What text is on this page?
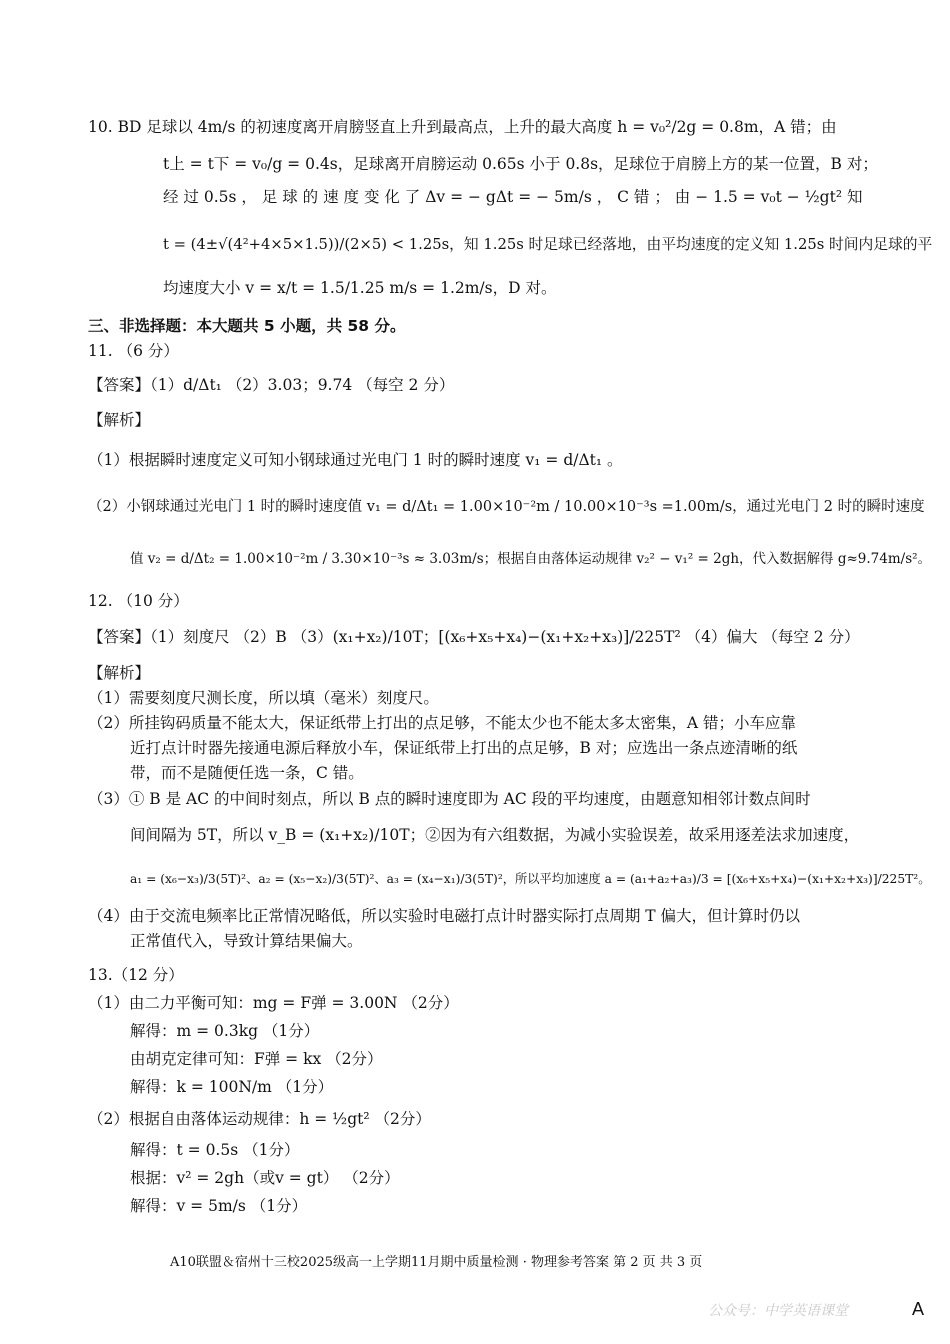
10. BD 足球以 4m/s 的初速度离开肩膀竖直上升到最高点，上升的最大高度 h = v₀²/2g = 0.8m，A 错；由
t上 = t下 = v₀/g = 0.4s，足球离开肩膀运动 0.65s 小于 0.8s，足球位于肩膀上方的某一位置，B 对；
经 过 0.5s ， 足 球 的 速 度 变 化 了 Δv = − gΔt = − 5m/s ， C 错 ； 由 − 1.5 = v₀t − ½gt² 知
t = (4±√(4²+4×5×1.5))/(2×5) < 1.25s，知 1.25s 时足球已经落地，由平均速度的定义知 1.25s 时间内足球的平
均速度大小 v = x/t = 1.5/1.25 m/s = 1.2m/s，D 对。
三、非选择题：本大题共 5 小题，共 58 分。
11. （6 分）
【答案】（1）d/Δt₁ （2）3.03；9.74 （每空 2 分）
【解析】
（1）根据瞬时速度定义可知小钢球通过光电门 1 时的瞬时速度 v₁ = d/Δt₁ 。
（2）小钢球通过光电门 1 时的瞬时速度值 v₁ = d/Δt₁ = 1.00×10⁻²m / 10.00×10⁻³s =1.00m/s，通过光电门 2 时的瞬时速度
值 v₂ = d/Δt₂ = 1.00×10⁻²m / 3.30×10⁻³s ≈ 3.03m/s；根据自由落体运动规律 v₂² − v₁² = 2gh，代入数据解得 g≈9.74m/s²。
12. （10 分）
【答案】（1）刻度尺 （2）B （3）(x₁+x₂)/10T；[(x₆+x₅+x₄)−(x₁+x₂+x₃)]/225T² （4）偏大 （每空 2 分）
【解析】
（1）需要刻度尺测长度，所以填（毫米）刻度尺。
（2）所挂钩码质量不能太大，保证纸带上打出的点足够，不能太少也不能太多太密集，A 错；小车应靠
近打点计时器先接通电源后释放小车，保证纸带上打出的点足够，B 对；应选出一条点迹清晰的纸
带，而不是随便任选一条，C 错。
（3）① B 是 AC 的中间时刻点，所以 B 点的瞬时速度即为 AC 段的平均速度，由题意知相邻计数点间时
间间隔为 5T，所以 v_B = (x₁+x₂)/10T；②因为有六组数据，为减小实验误差，故采用逐差法求加速度，
a₁ = (x₆−x₃)/3(5T)²、a₂ = (x₅−x₂)/3(5T)²、a₃ = (x₄−x₁)/3(5T)²，所以平均加速度 a = (a₁+a₂+a₃)/3 = [(x₆+x₅+x₄)−(x₁+x₂+x₃)]/225T²。
（4）由于交流电频率比正常情况略低，所以实验时电磁打点计时器实际打点周期 T 偏大，但计算时仍以
正常值代入，导致计算结果偏大。
13.（12 分）
（1）由二力平衡可知：mg = F弹 = 3.00N （2分）
解得：m = 0.3kg （1分）
由胡克定律可知：F弹 = kx （2分）
解得：k = 100N/m （1分）
（2）根据自由落体运动规律：h = ½gt² （2分）
解得：t = 0.5s （1分）
根据：v² = 2gh（或v = gt） （2分）
解得：v = 5m/s （1分）
A10联盟＆宿州十三校2025级高一上学期11月期中质量检测 · 物理参考答案 第 2 页 共 3 页
公众号：中学英语课堂	A
